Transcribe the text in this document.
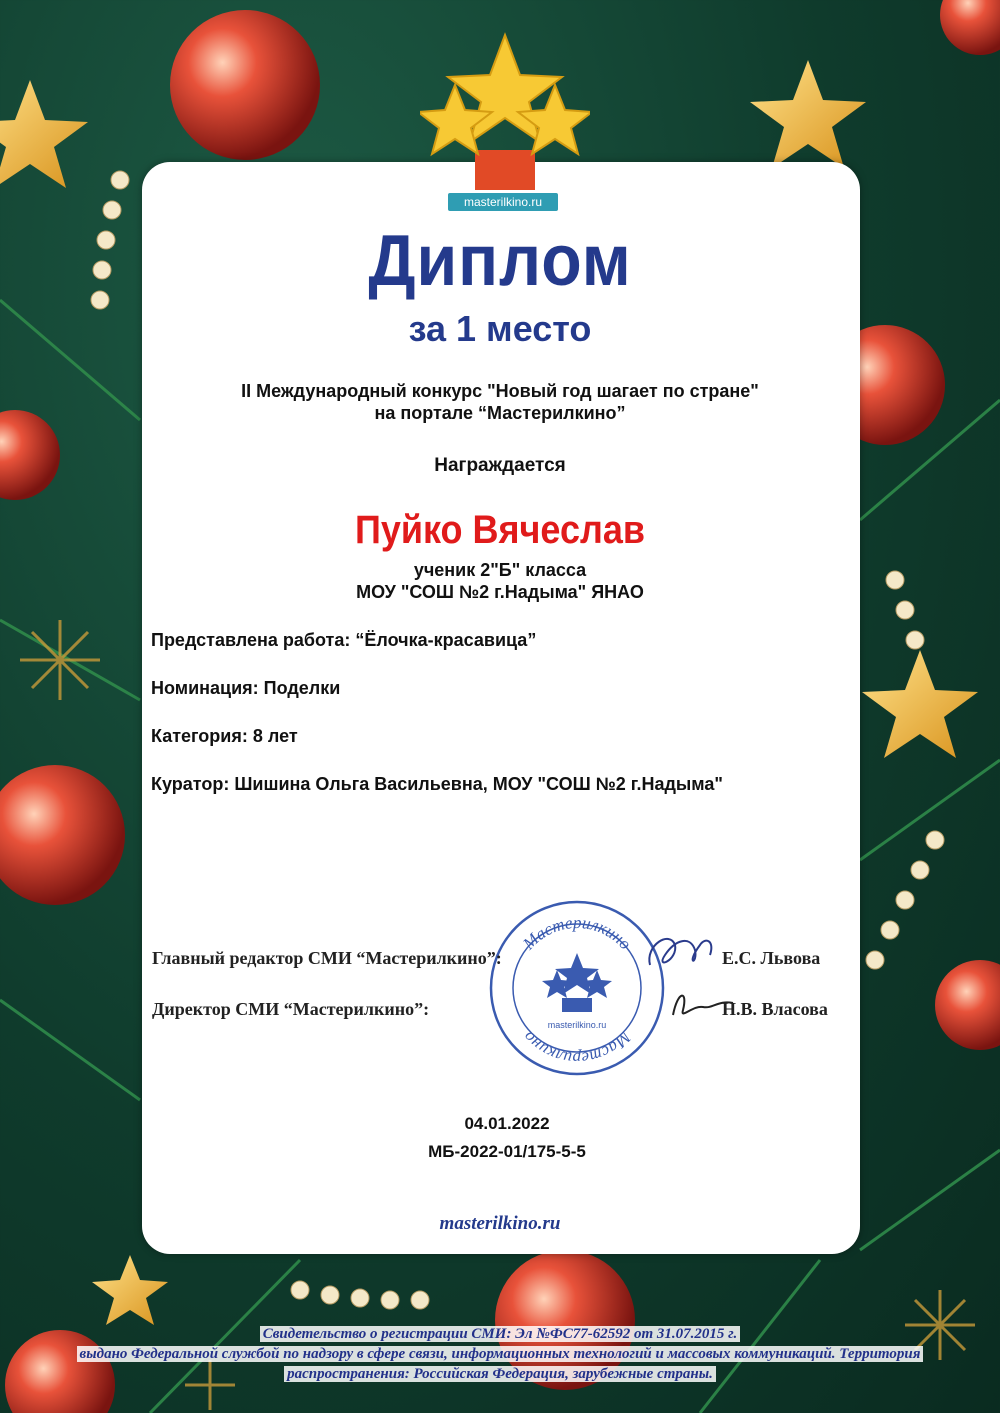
masterilkino.ru
Диплом
за 1 место
II Международный конкурс "Новый год шагает по стране"
на портале “Мастерилкино”
Награждается
Пуйко Вячеслав
ученик 2"Б" класса
МОУ "СОШ №2 г.Надыма" ЯНАО
Представлена работа: “Ёлочка-красавица”
Номинация: Поделки
Категория: 8 лет
Куратор: Шишина Ольга Васильевна, МОУ "СОШ №2 г.Надыма"
Мастерилкино
Мастерилкино
masterilkino.ru
Главный редактор СМИ “Мастерилкино”:	Е.С. Львова
Директор СМИ “Мастерилкино”:	Н.В. Власова
04.01.2022
МБ-2022-01/175-5-5
masterilkino.ru
Свидетельство о регистрации СМИ: Эл №ФС77-62592 от 31.07.2015 г.
выдано Федеральной службой по надзору в сфере связи, информационных технологий и массовых коммуникаций. Территория
распространения: Российская Федерация, зарубежные страны.
